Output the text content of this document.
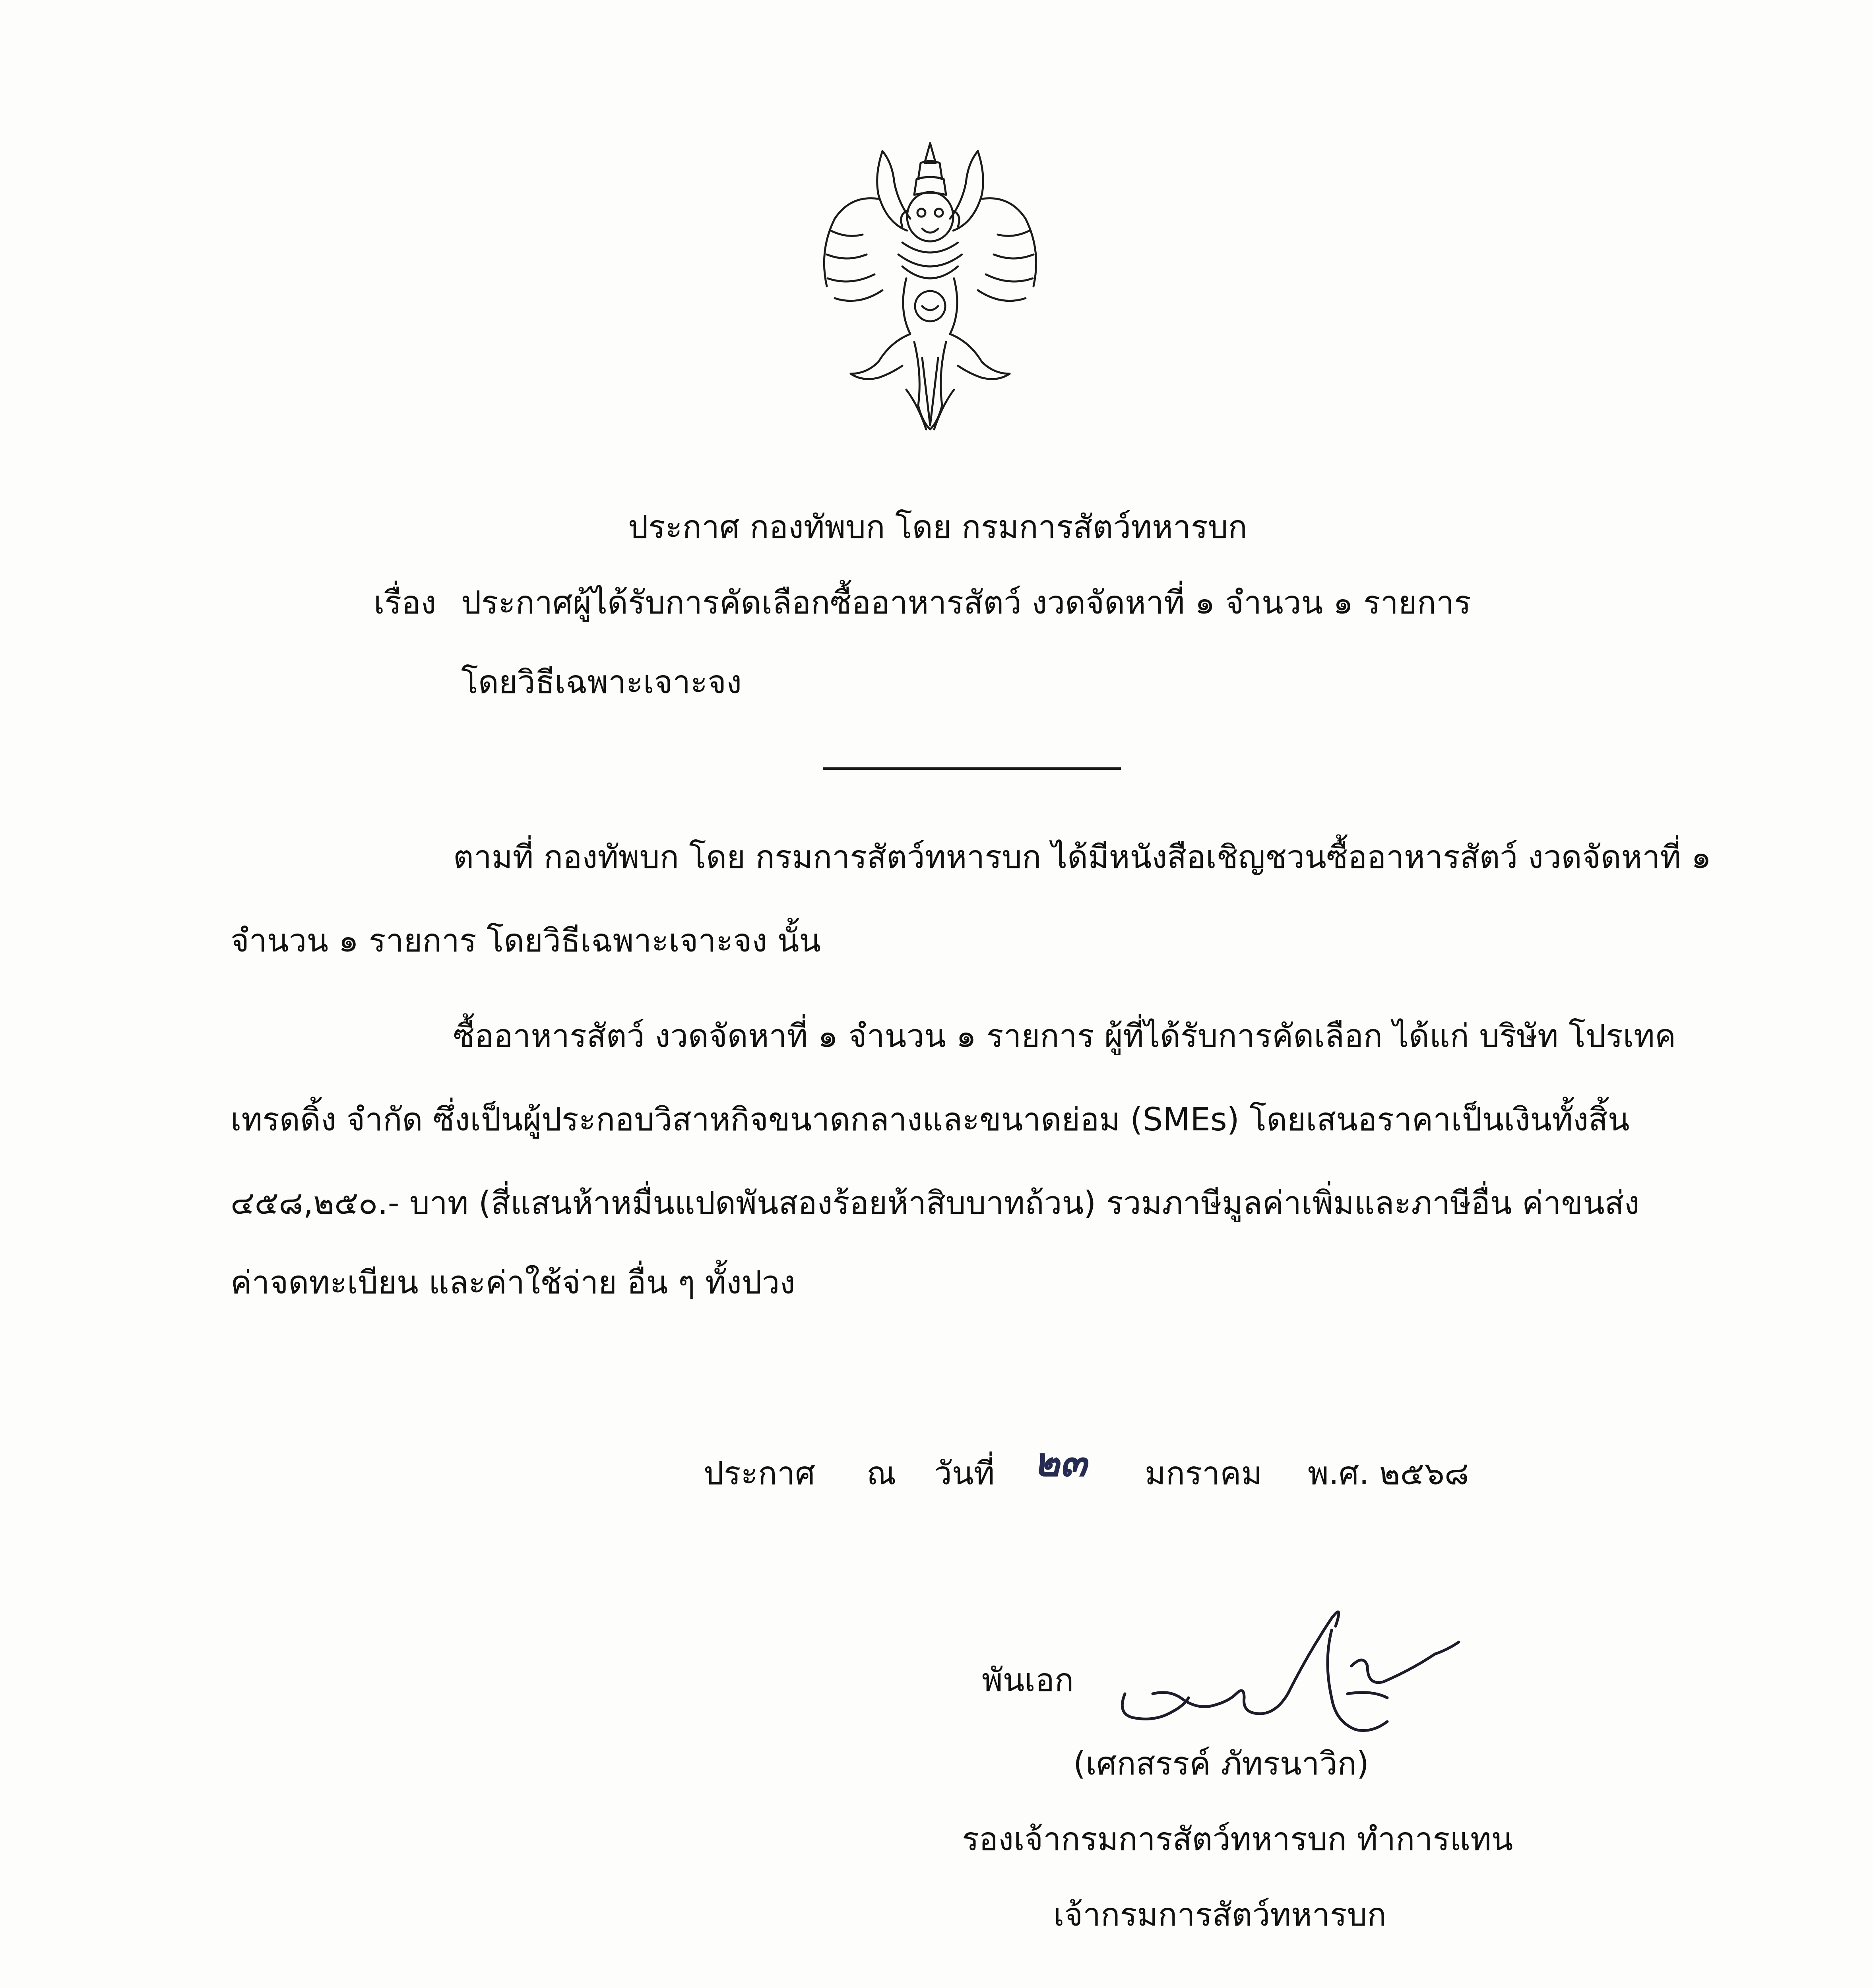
ประกาศ กองทัพบก โดย กรมการสัตว์ทหารบก
เรื่อง ประกาศผู้ได้รับการคัดเลือกซื้ออาหารสัตว์ งวดจัดหาที่ ๑ จำนวน ๑ รายการ
โดยวิธีเฉพาะเจาะจง
ตามที่ กองทัพบก โดย กรมการสัตว์ทหารบก ได้มีหนังสือเชิญชวนซื้ออาหารสัตว์ งวดจัดหาที่ ๑
จำนวน ๑ รายการ โดยวิธีเฉพาะเจาะจง นั้น
ซื้ออาหารสัตว์ งวดจัดหาที่ ๑ จำนวน ๑ รายการ ผู้ที่ได้รับการคัดเลือก ได้แก่ บริษัท โปรเทค
เทรดดิ้ง จำกัด ซึ่งเป็นผู้ประกอบวิสาหกิจขนาดกลางและขนาดย่อม (SMEs) โดยเสนอราคาเป็นเงินทั้งสิ้น
๔๕๘,๒๕๐.- บาท (สี่แสนห้าหมื่นแปดพันสองร้อยห้าสิบบาทถ้วน) รวมภาษีมูลค่าเพิ่มและภาษีอื่น ค่าขนส่ง
ค่าจดทะเบียน และค่าใช้จ่าย อื่น ๆ ทั้งปวง
ประกาศ ณ วันที่ ๒๓ มกราคม พ.ศ. ๒๕๖๘
พันเอก
(เศกสรรค์ ภัทรนาวิก)
รองเจ้ากรมการสัตว์ทหารบก ทำการแทน
เจ้ากรมการสัตว์ทหารบก
